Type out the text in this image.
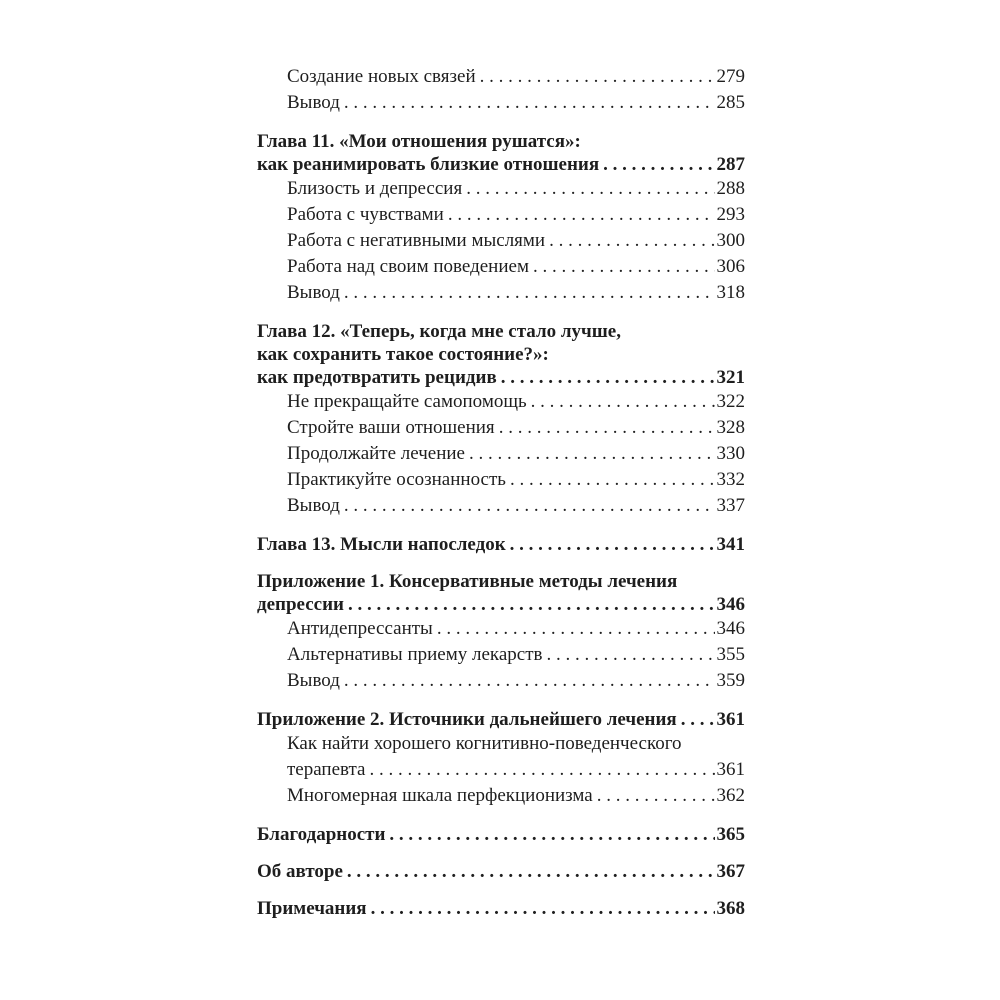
Создание новых связей . . .	279
Вывод . . .	285
Глава 11. «Мои отношения рушатся»:
как реанимировать близкие отношения . . .	287
Близость и депрессия . . .	288
Работа с чувствами . . .	293
Работа с негативными мыслями . . .	300
Работа над своим поведением . . .	306
Вывод . . .	318
Глава 12. «Теперь, когда мне стало лучше,
как сохранить такое состояние?»:
как предотвратить рецидив . . .	321
Не прекращайте самопомощь . . .	322
Стройте ваши отношения . . .	328
Продолжайте лечение . . .	330
Практикуйте осознанность . . .	332
Вывод . . .	337
Глава 13. Мысли напоследок . . .	341
Приложение 1. Консервативные методы лечения
депрессии . . .	346
Антидепрессанты . . .	346
Альтернативы приему лекарств . . .	355
Вывод . . .	359
Приложение 2. Источники дальнейшего лечения . . . 361
Как найти хорошего когнитивно-поведенческого
терапевта . . .	361
Многомерная шкала перфекционизма . . .	362
Благодарности . . .	365
Об авторе . . .	367
Примечания . . .	368
